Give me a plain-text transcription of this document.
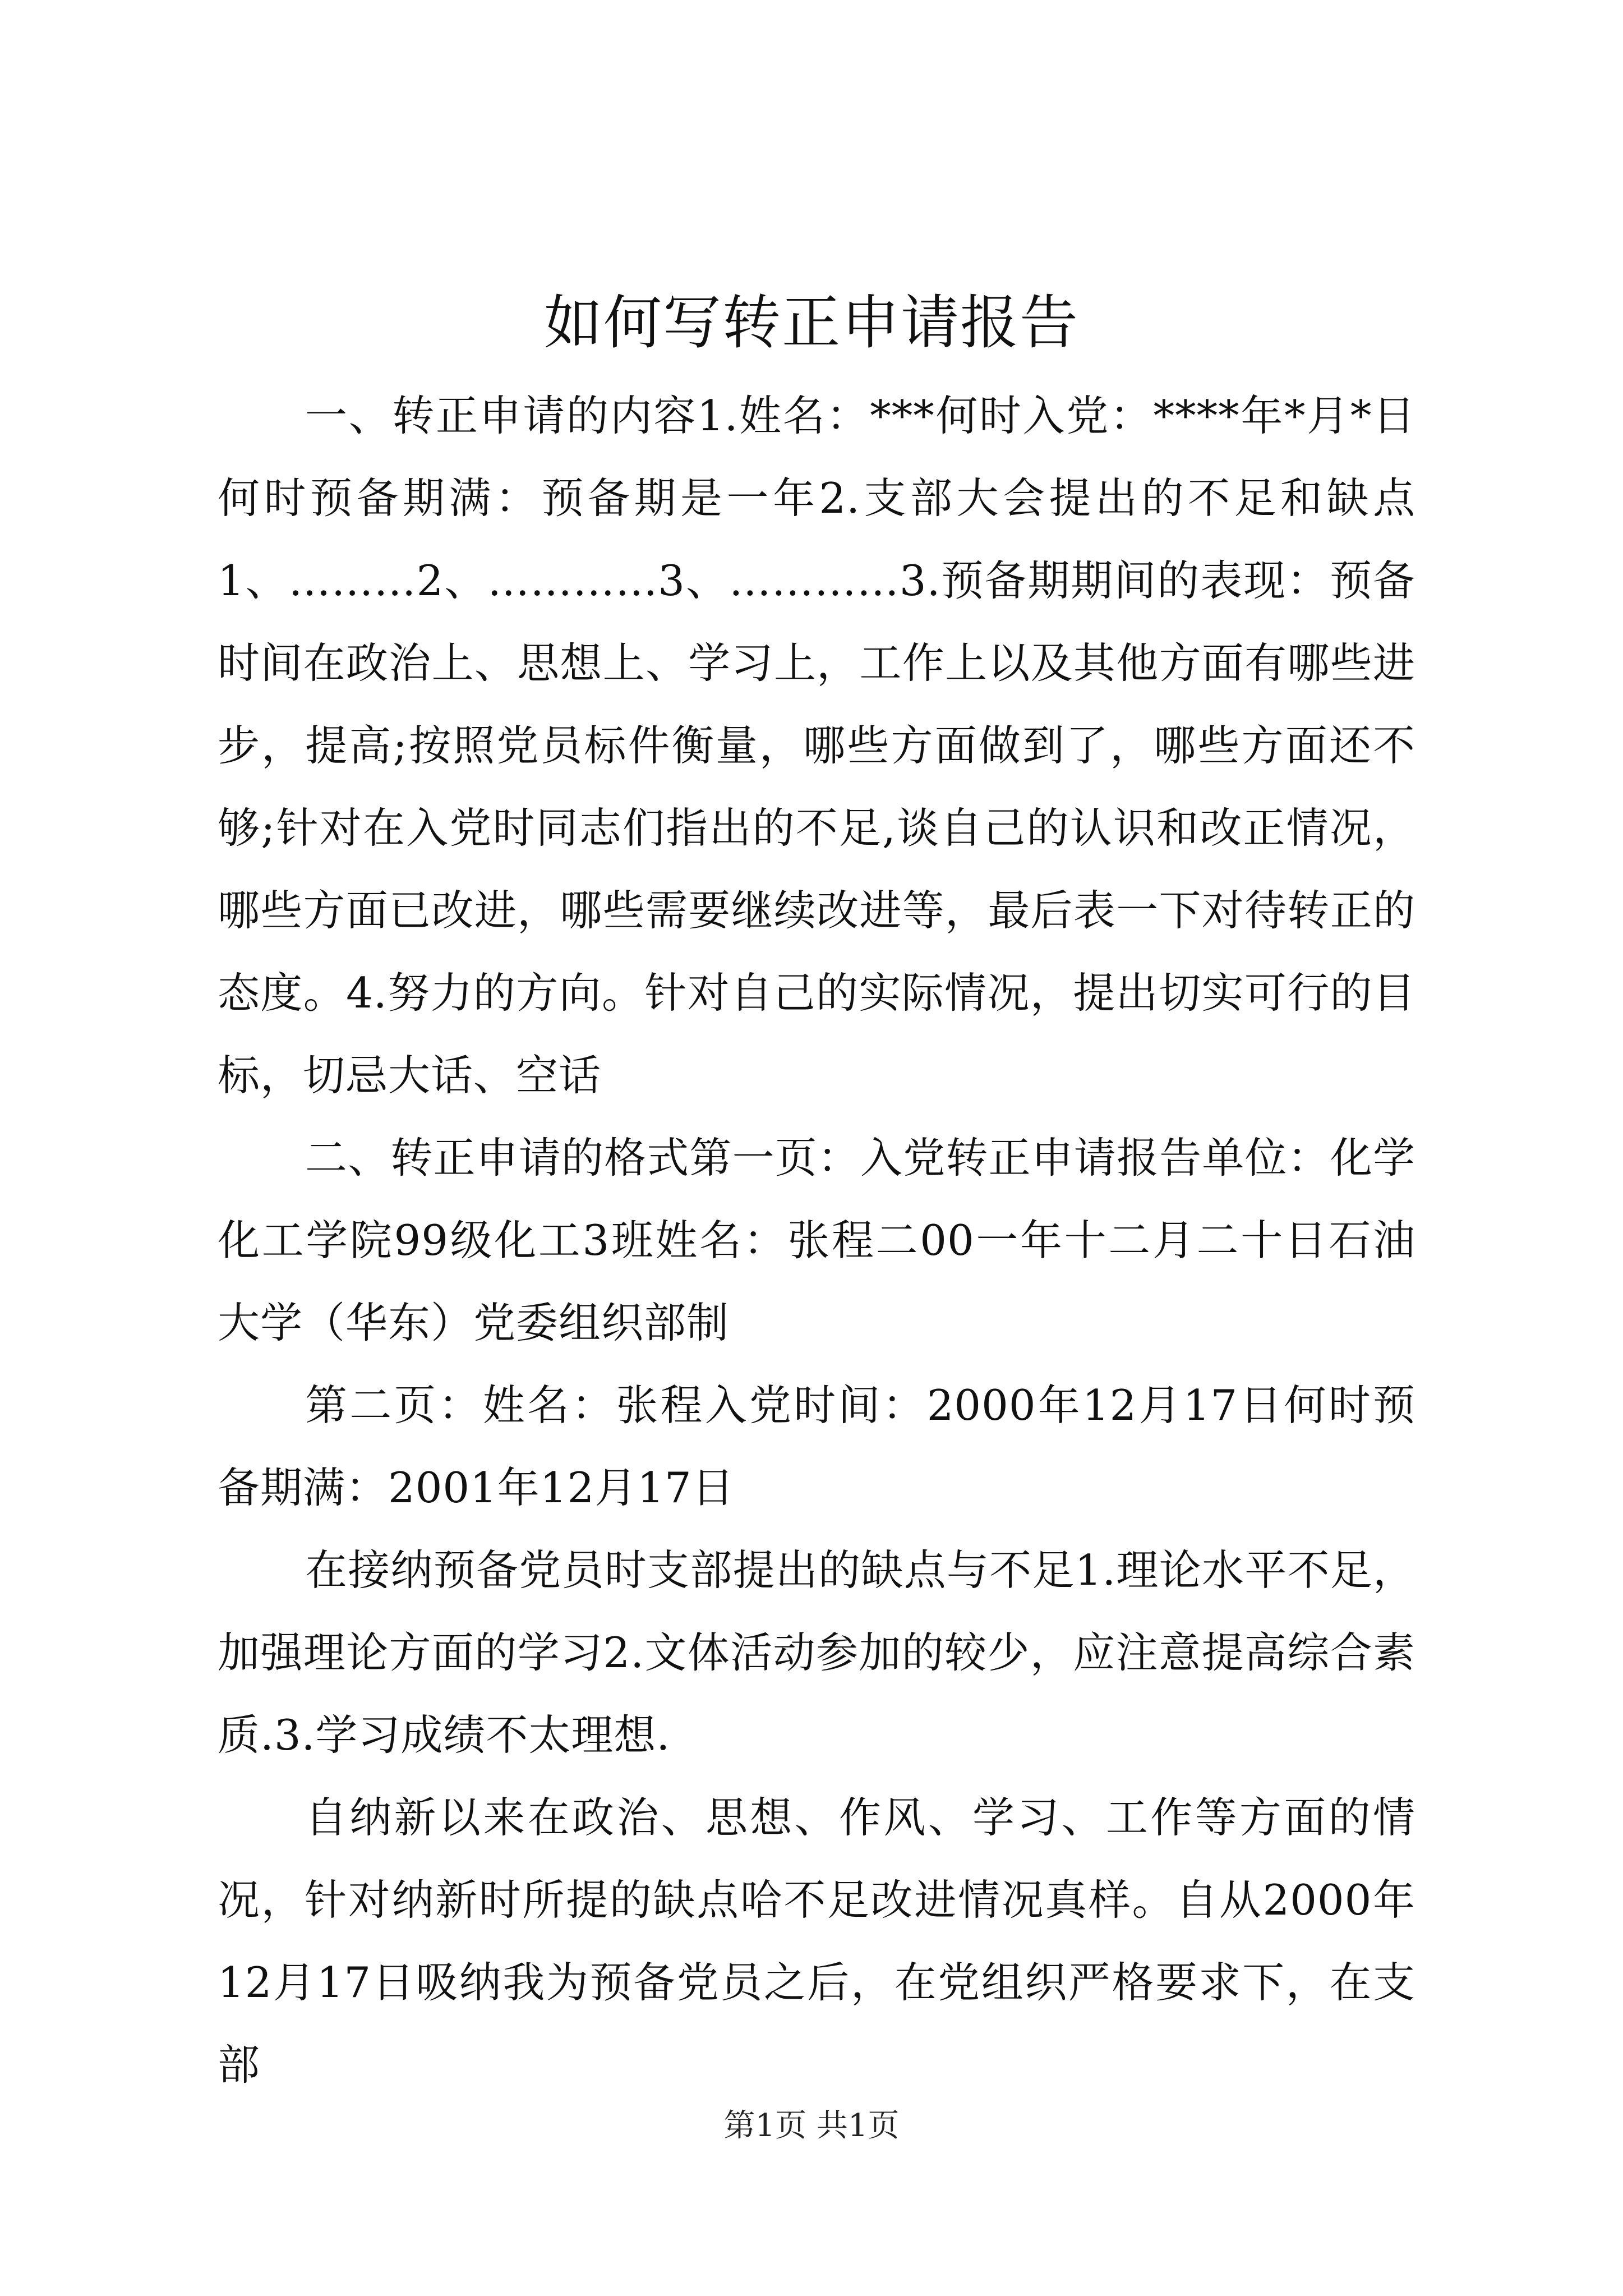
如何写转正申请报告

一、转正申请的内容1.姓名：***何时入党：****年*月*日何时预备期满：预备期是一年2.支部大会提出的不足和缺点1、………2、…………3、…………3.预备期期间的表现：预备时间在政治上、思想上、学习上，工作上以及其他方面有哪些进步，提高;按照党员标件衡量，哪些方面做到了，哪些方面还不够;针对在入党时同志们指出的不足,谈自己的认识和改正情况，哪些方面已改进，哪些需要继续改进等，最后表一下对待转正的态度。4.努力的方向。针对自己的实际情况，提出切实可行的目标，切忌大话、空话

二、转正申请的格式第一页：入党转正申请报告单位：化学化工学院99级化工3班姓名：张程二00一年十二月二十日石油大学（华东）党委组织部制

第二页：姓名：张程入党时间：2000年12月17日何时预备期满：2001年12月17日

在接纳预备党员时支部提出的缺点与不足1.理论水平不足，加强理论方面的学习2.文体活动参加的较少，应注意提高综合素质.3.学习成绩不太理想.

自纳新以来在政治、思想、作风、学习、工作等方面的情况，针对纳新时所提的缺点哈不足改进情况真样。自从2000年12月17日吸纳我为预备党员之后，在党组织严格要求下，在支部

第1页 共1页
